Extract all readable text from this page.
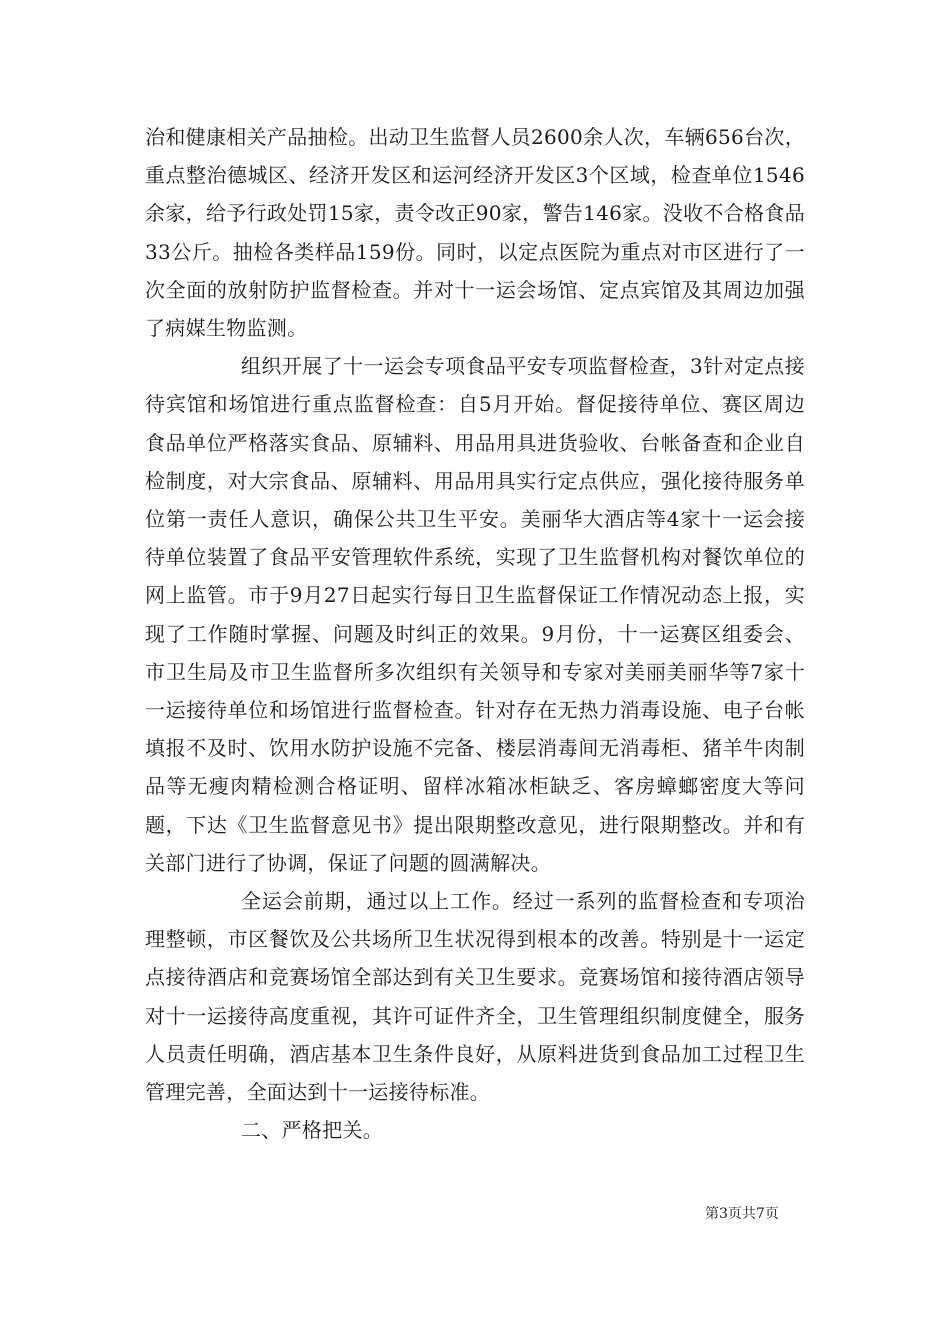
治和健康相关产品抽检。出动卫生监督人员2600余人次，车辆656台次，重点整治德城区、经济开发区和运河经济开发区3个区域，检查单位1546余家，给予行政处罚15家，责令改正90家，警告146家。没收不合格食品33公斤。抽检各类样品159份。同时，以定点医院为重点对市区进行了一次全面的放射防护监督检查。并对十一运会场馆、定点宾馆及其周边加强了病媒生物监测。

组织开展了十一运会专项食品平安专项监督检查，3针对定点接待宾馆和场馆进行重点监督检查：自5月开始。督促接待单位、赛区周边食品单位严格落实食品、原辅料、用品用具进货验收、台帐备查和企业自检制度，对大宗食品、原辅料、用品用具实行定点供应，强化接待服务单位第一责任人意识，确保公共卫生平安。美丽华大酒店等4家十一运会接待单位装置了食品平安管理软件系统，实现了卫生监督机构对餐饮单位的网上监管。市于9月27日起实行每日卫生监督保证工作情况动态上报，实现了工作随时掌握、问题及时纠正的效果。9月份，十一运赛区组委会、市卫生局及市卫生监督所多次组织有关领导和专家对美丽美丽华等7家十一运接待单位和场馆进行监督检查。针对存在无热力消毒设施、电子台帐填报不及时、饮用水防护设施不完备、楼层消毒间无消毒柜、猪羊牛肉制品等无瘦肉精检测合格证明、留样冰箱冰柜缺乏、客房蟑螂密度大等问题，下达《卫生监督意见书》提出限期整改意见，进行限期整改。并和有关部门进行了协调，保证了问题的圆满解决。

全运会前期，通过以上工作。经过一系列的监督检查和专项治理整顿，市区餐饮及公共场所卫生状况得到根本的改善。特别是十一运定点接待酒店和竞赛场馆全部达到有关卫生要求。竞赛场馆和接待酒店领导对十一运接待高度重视，其许可证件齐全，卫生管理组织制度健全，服务人员责任明确，酒店基本卫生条件良好，从原料进货到食品加工过程卫生管理完善，全面达到十一运接待标准。

二、严格把关。

第3页共7页
